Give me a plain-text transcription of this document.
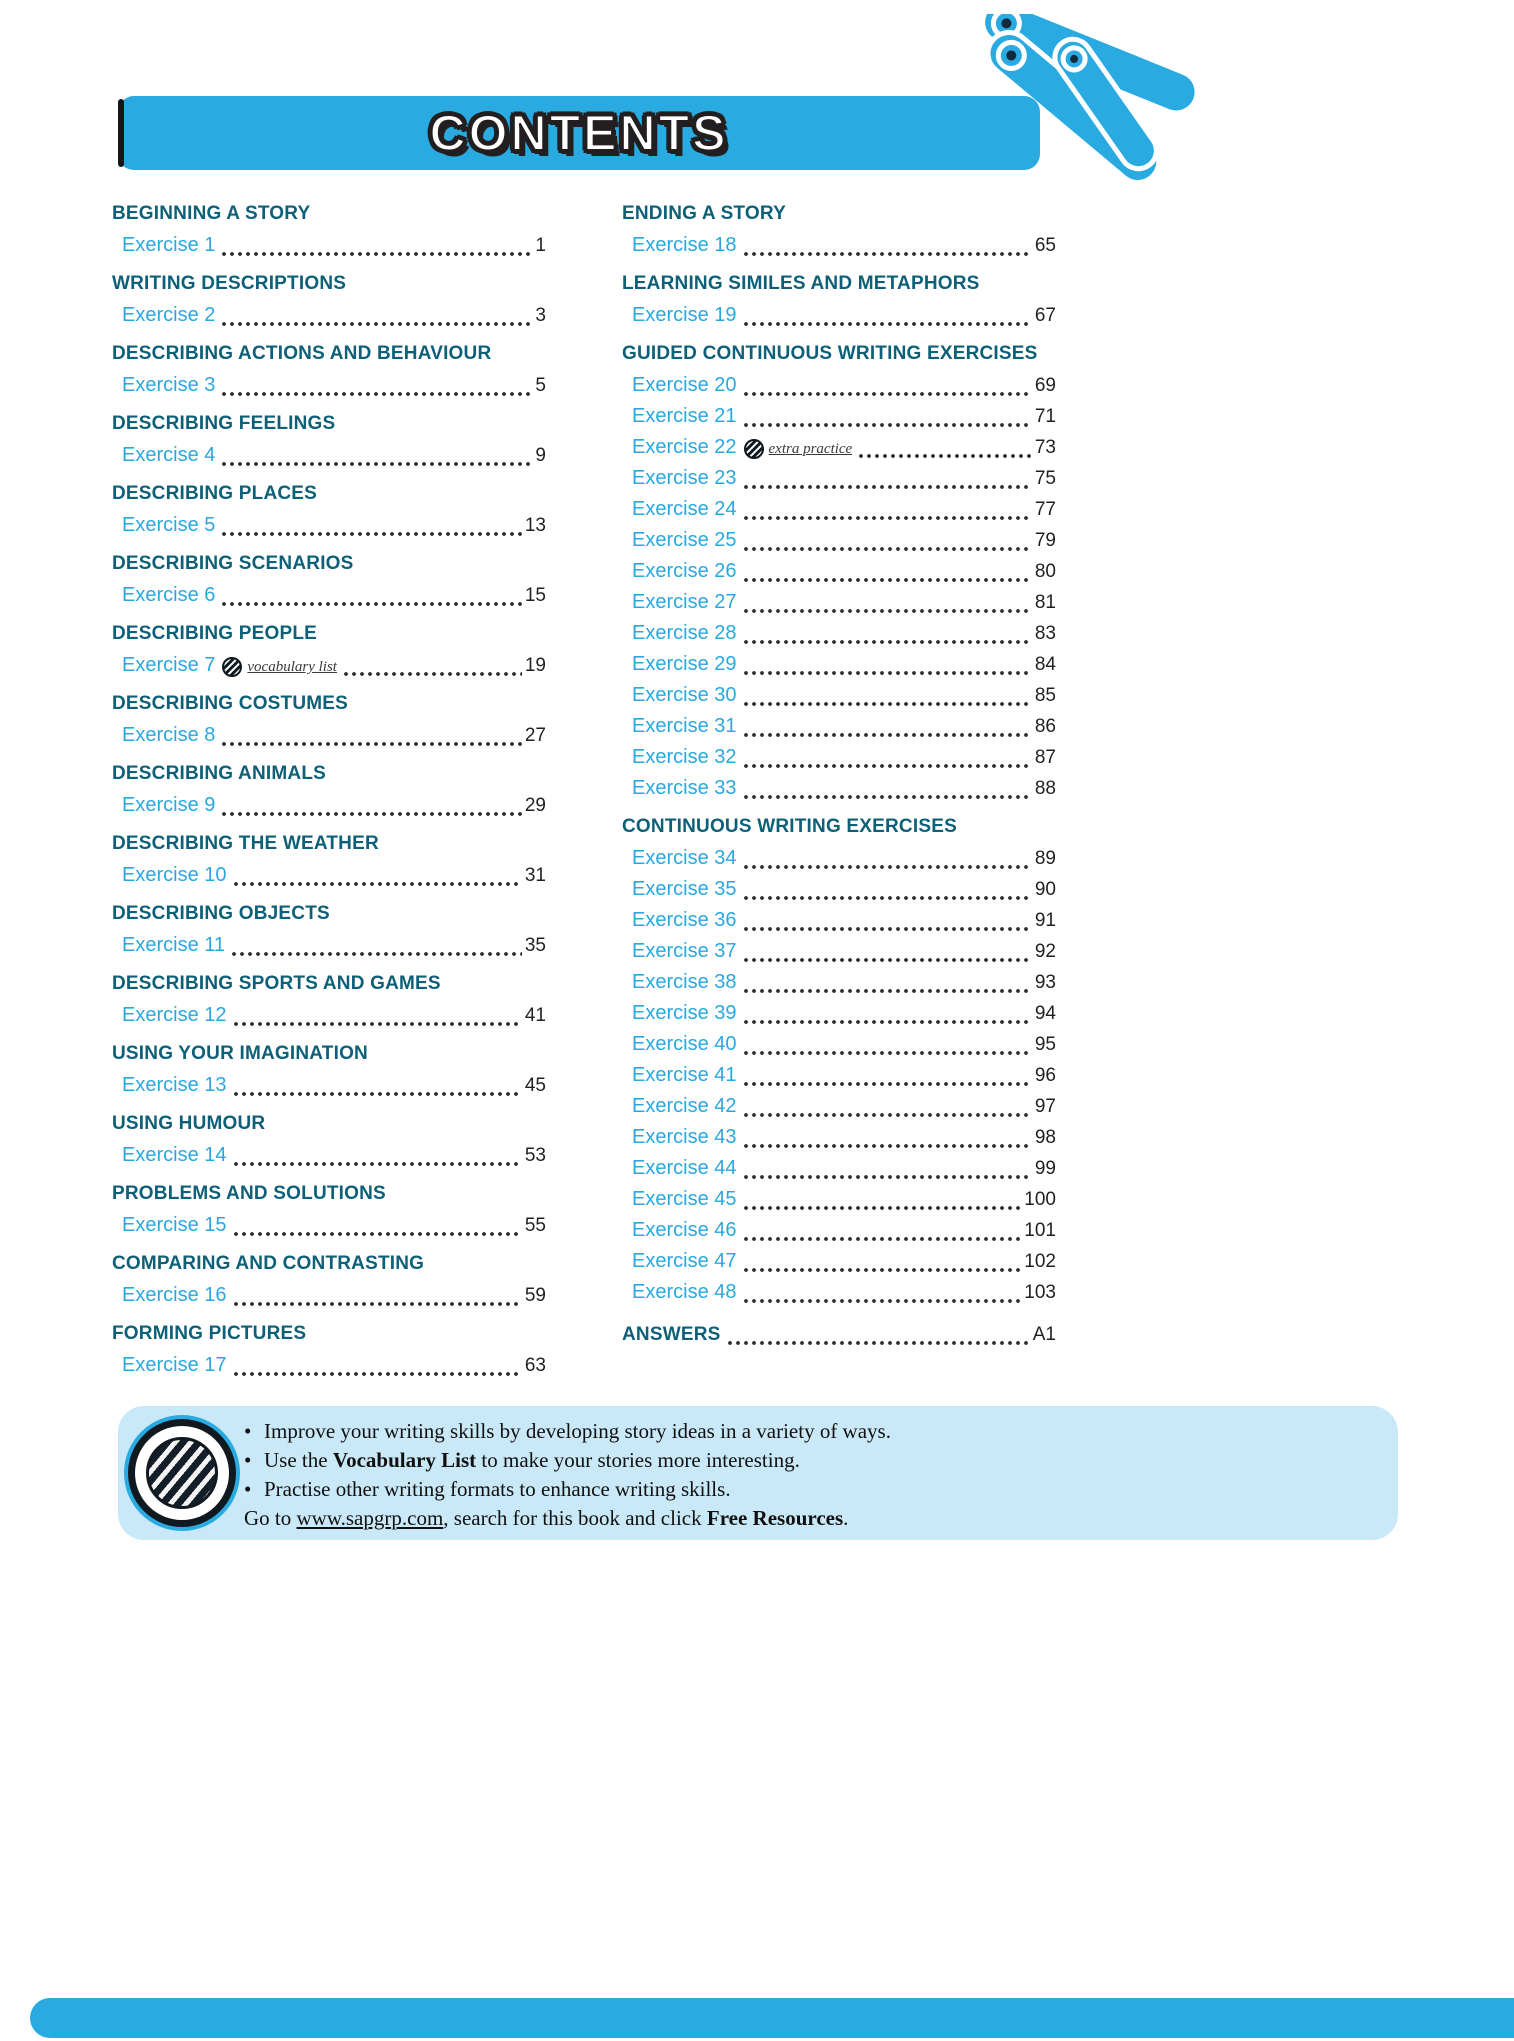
CONTENTS
BEGINNING A STORY
Exercise 1	1
WRITING DESCRIPTIONS
Exercise 2	3
DESCRIBING ACTIONS AND BEHAVIOUR
Exercise 3	5
DESCRIBING FEELINGS
Exercise 4	9
DESCRIBING PLACES
Exercise 5	13
DESCRIBING SCENARIOS
Exercise 6	15
DESCRIBING PEOPLE
Exercise 7 vocabulary list	19
DESCRIBING COSTUMES
Exercise 8	27
DESCRIBING ANIMALS
Exercise 9	29
DESCRIBING THE WEATHER
Exercise 10	31
DESCRIBING OBJECTS
Exercise 11	35
DESCRIBING SPORTS AND GAMES
Exercise 12	41
USING YOUR IMAGINATION
Exercise 13	45
USING HUMOUR
Exercise 14	53
PROBLEMS AND SOLUTIONS
Exercise 15	55
COMPARING AND CONTRASTING
Exercise 16	59
FORMING PICTURES
Exercise 17	63
ENDING A STORY
Exercise 18	65
LEARNING SIMILES AND METAPHORS
Exercise 19	67
GUIDED CONTINUOUS WRITING EXERCISES
Exercise 20	69
Exercise 21	71
Exercise 22 extra practice	73
Exercise 23	75
Exercise 24	77
Exercise 25	79
Exercise 26	80
Exercise 27	81
Exercise 28	83
Exercise 29	84
Exercise 30	85
Exercise 31	86
Exercise 32	87
Exercise 33	88
CONTINUOUS WRITING EXERCISES
Exercise 34	89
Exercise 35	90
Exercise 36	91
Exercise 37	92
Exercise 38	93
Exercise 39	94
Exercise 40	95
Exercise 41	96
Exercise 42	97
Exercise 43	98
Exercise 44	99
Exercise 45	100
Exercise 46	101
Exercise 47	102
Exercise 48	103
ANSWERS	A1
• Improve your writing skills by developing story ideas in a variety of ways.
• Use the Vocabulary List to make your stories more interesting.
• Practise other writing formats to enhance writing skills.
Go to www.sapgrp.com, search for this book and click Free Resources.
